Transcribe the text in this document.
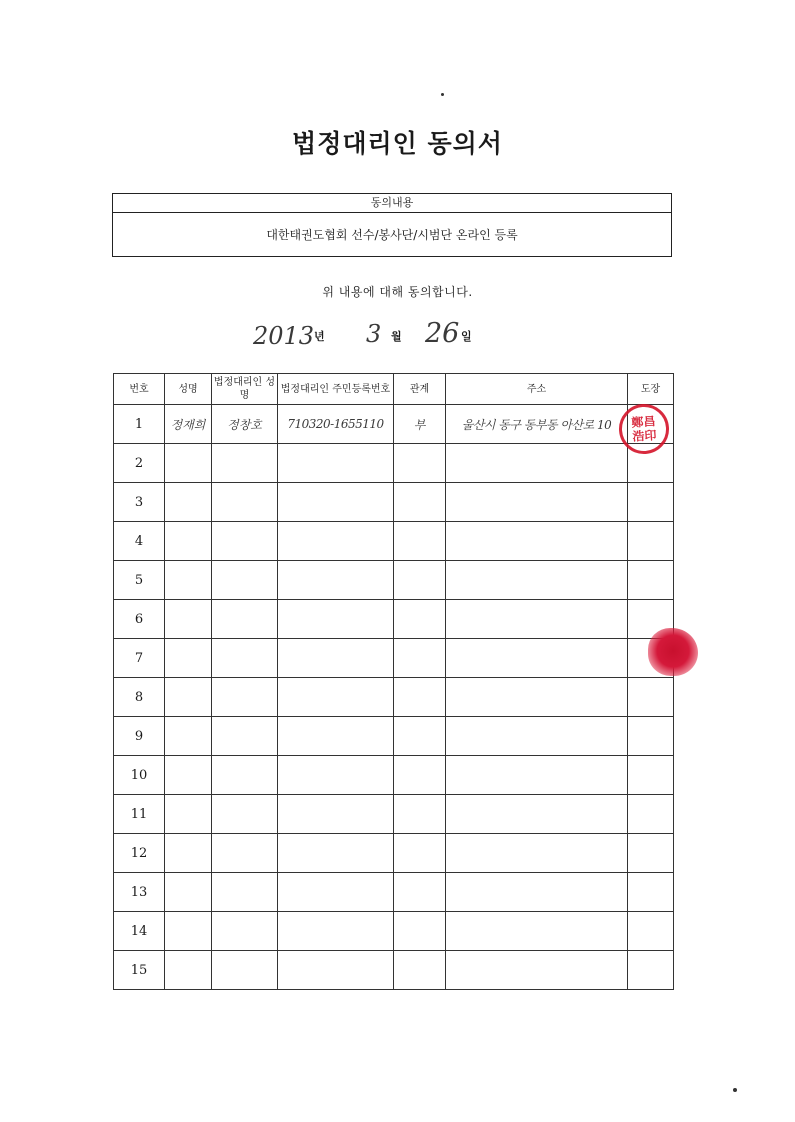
법정대리인 동의서
동의내용
대한태권도협회 선수/봉사단/시범단 온라인 등록
위 내용에 대해 동의합니다.
2013 년 3 월 26 일
번호	성명	법정대리인 성명	법정대리인 주민등록번호	관계	주소	도장
1	정재희	정창호	710320-1655110	부	울산시 동구 동부동 아산로 10	
2						
3						
4						
5						
6						
7						
8						
9						
10						
11						
12						
13						
14						
15						
鄭昌
浩印
